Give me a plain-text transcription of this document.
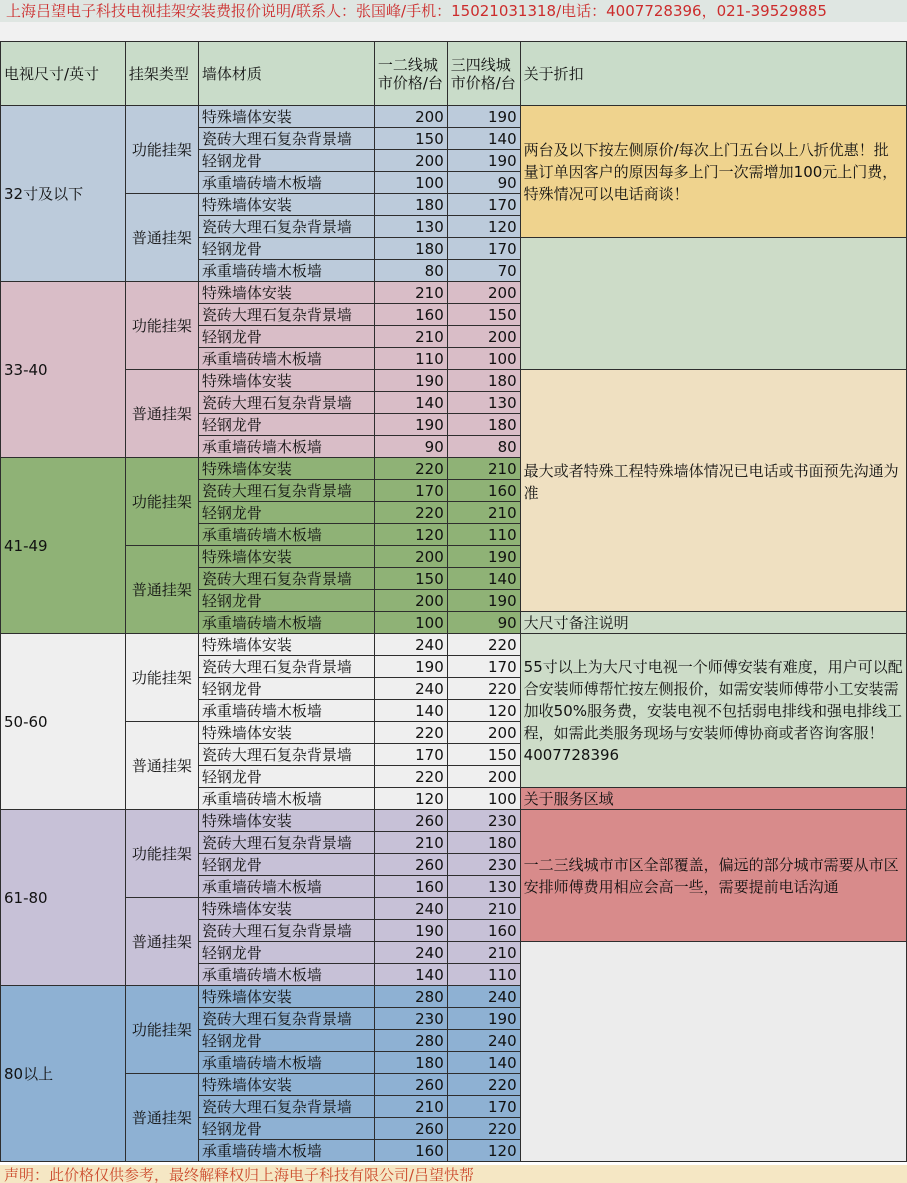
上海吕望电子科技电视挂架安装费报价说明/联系人：张国峰/手机：15021031318/电话：4007728396，021-39529885
电视尺寸/英寸	挂架类型	墙体材质	一二线城市价格/台	三四线城市价格/台	关于折扣
32寸及以下	功能挂架	特殊墙体安装	200	190	两台及以下按左侧原价/每次上门五台以上八折优惠！批量订单因客户的原因每多上门一次需增加100元上门费，特殊情况可以电话商谈！
		瓷砖大理石复杂背景墙	150	140	
		轻钢龙骨	200	190	
		承重墙砖墙木板墙	100	90	
	普通挂架	特殊墙体安装	180	170	
		瓷砖大理石复杂背景墙	130	120	
		轻钢龙骨	180	170	
		承重墙砖墙木板墙	80	70	
33-40	功能挂架	特殊墙体安装	210	200	
		瓷砖大理石复杂背景墙	160	150	
		轻钢龙骨	210	200	
		承重墙砖墙木板墙	110	100	
	普通挂架	特殊墙体安装	190	180	最大或者特殊工程特殊墙体情况已电话或书面预先沟通为准
		瓷砖大理石复杂背景墙	140	130	
		轻钢龙骨	190	180	
		承重墙砖墙木板墙	90	80	
41-49	功能挂架	特殊墙体安装	220	210	
		瓷砖大理石复杂背景墙	170	160	
		轻钢龙骨	220	210	
		承重墙砖墙木板墙	120	110	
	普通挂架	特殊墙体安装	200	190	
		瓷砖大理石复杂背景墙	150	140	
		轻钢龙骨	200	190	
		承重墙砖墙木板墙	100	90	大尺寸备注说明
50-60	功能挂架	特殊墙体安装	240	220	55寸以上为大尺寸电视一个师傅安装有难度，用户可以配合安装师傅帮忙按左侧报价，如需安装师傅带小工安装需加收50%服务费，安装电视不包括弱电排线和强电排线工程，如需此类服务现场与安装师傅协商或者咨询客服！4007728396
		瓷砖大理石复杂背景墙	190	170	
		轻钢龙骨	240	220	
		承重墙砖墙木板墙	140	120	
	普通挂架	特殊墙体安装	220	200	
		瓷砖大理石复杂背景墙	170	150	
		轻钢龙骨	220	200	
		承重墙砖墙木板墙	120	100	关于服务区域
61-80	功能挂架	特殊墙体安装	260	230	一二三线城市市区全部覆盖，偏远的部分城市需要从市区安排师傅费用相应会高一些，需要提前电话沟通
		瓷砖大理石复杂背景墙	210	180	
		轻钢龙骨	260	230	
		承重墙砖墙木板墙	160	130	
	普通挂架	特殊墙体安装	240	210	
		瓷砖大理石复杂背景墙	190	160	
		轻钢龙骨	240	210	
		承重墙砖墙木板墙	140	110	
80以上	功能挂架	特殊墙体安装	280	240	
		瓷砖大理石复杂背景墙	230	190	
		轻钢龙骨	280	240	
		承重墙砖墙木板墙	180	140	
	普通挂架	特殊墙体安装	260	220	
		瓷砖大理石复杂背景墙	210	170	
		轻钢龙骨	260	220	
		承重墙砖墙木板墙	160	120	
声明：此价格仅供参考，最终解释权归上海电子科技有限公司/吕望快帮
